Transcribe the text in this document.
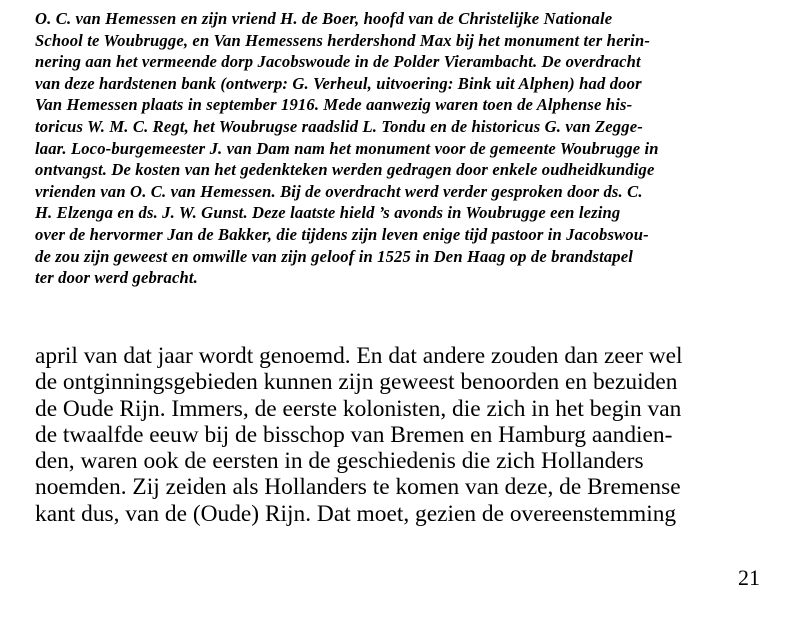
O. C. van Hemessen en zijn vriend H. de Boer, hoofd van de Christelijke Nationale
School te Woubrugge, en Van Hemessens herdershond Max bij het monument ter herin-
nering aan het vermeende dorp Jacobswoude in de Polder Vierambacht. De overdracht
van deze hardstenen bank (ontwerp: G. Verheul, uitvoering: Bink uit Alphen) had door
Van Hemessen plaats in september 1916. Mede aanwezig waren toen de Alphense his-
toricus W. M. C. Regt, het Woubrugse raadslid L. Tondu en de historicus G. van Zegge-
laar. Loco-burgemeester J. van Dam nam het monument voor de gemeente Woubrugge in
ontvangst. De kosten van het gedenkteken werden gedragen door enkele oudheidkundige
vrienden van O. C. van Hemessen. Bij de overdracht werd verder gesproken door ds. C.
H. Elzenga en ds. J. W. Gunst. Deze laatste hield ’s avonds in Woubrugge een lezing
over de hervormer Jan de Bakker, die tijdens zijn leven enige tijd pastoor in Jacobswou-
de zou zijn geweest en omwille van zijn geloof in 1525 in Den Haag op de brandstapel
ter door werd gebracht.
april van dat jaar wordt genoemd. En dat andere zouden dan zeer wel
de ontginningsgebieden kunnen zijn geweest benoorden en bezuiden
de Oude Rijn. Immers, de eerste kolonisten, die zich in het begin van
de twaalfde eeuw bij de bisschop van Bremen en Hamburg aandien-
den, waren ook de eersten in de geschiedenis die zich Hollanders
noemden. Zij zeiden als Hollanders te komen van deze, de Bremense
kant dus, van de (Oude) Rijn. Dat moet, gezien de overeenstemming
21
